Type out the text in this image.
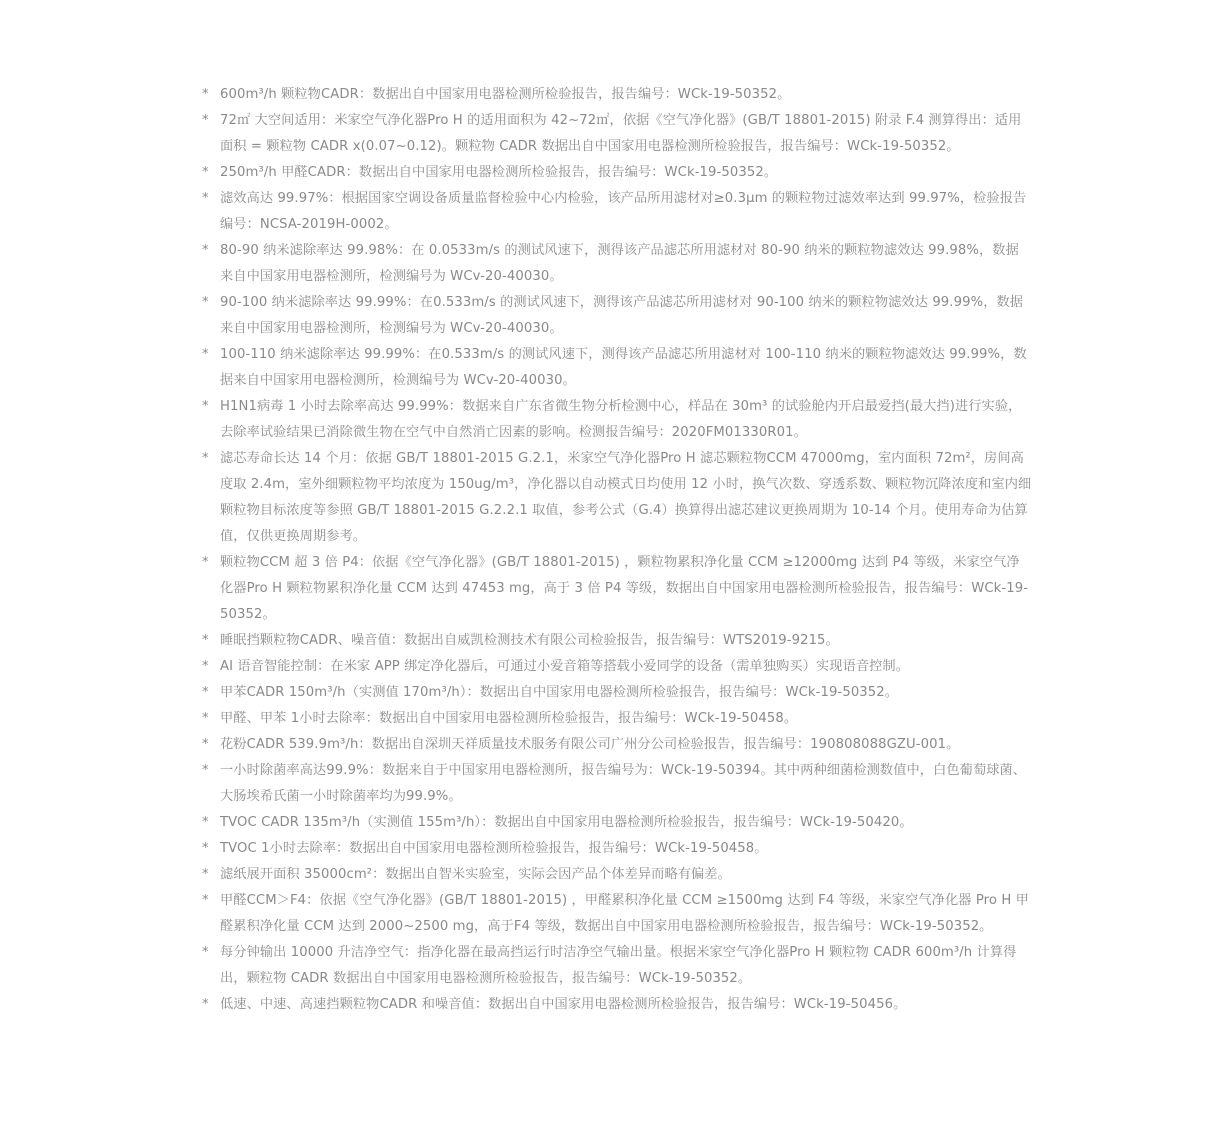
* 600m³/h 颗粒物CADR：数据出自中国家用电器检测所检验报告，报告编号：WCk-19-50352。
* 72㎡ 大空间适用：米家空气净化器Pro H 的适用面积为 42~72㎡，依据《空气净化器》(GB/T 18801-2015) 附录 F.4 测算得出：适用面积 = 颗粒物 CADR x(0.07~0.12)。颗粒物 CADR 数据出自中国家用电器检测所检验报告，报告编号：WCk-19-50352。
* 250m³/h 甲醛CADR：数据出自中国家用电器检测所检验报告，报告编号：WCk-19-50352。
* 滤效高达 99.97%：根据国家空调设备质量监督检验中心内检验，该产品所用滤材对≥0.3μm 的颗粒物过滤效率达到 99.97%，检验报告编号：NCSA-2019H-0002。
* 80-90 纳米滤除率达 99.98%：在 0.0533m/s 的测试风速下，测得该产品滤芯所用滤材对 80-90 纳米的颗粒物滤效达 99.98%，数据来自中国家用电器检测所，检测编号为 WCv-20-40030。
* 90-100 纳米滤除率达 99.99%：在0.533m/s 的测试风速下，测得该产品滤芯所用滤材对 90-100 纳米的颗粒物滤效达 99.99%，数据来自中国家用电器检测所，检测编号为 WCv-20-40030。
* 100-110 纳米滤除率达 99.99%：在0.533m/s 的测试风速下，测得该产品滤芯所用滤材对 100-110 纳米的颗粒物滤效达 99.99%，数据来自中国家用电器检测所，检测编号为 WCv-20-40030。
* H1N1病毒 1 小时去除率高达 99.99%：数据来自广东省微生物分析检测中心，样品在 30m³ 的试验舱内开启最爱挡(最大挡)进行实验，去除率试验结果已消除微生物在空气中自然消亡因素的影响。检测报告编号：2020FM01330R01。
* 滤芯寿命长达 14 个月：依据 GB/T 18801-2015 G.2.1，米家空气净化器Pro H 滤芯颗粒物CCM 47000mg，室内面积 72m²，房间高度取 2.4m，室外细颗粒物平均浓度为 150ug/m³，净化器以自动模式日均使用 12 小时，换气次数、穿透系数、颗粒物沉降浓度和室内细颗粒物目标浓度等参照 GB/T 18801-2015 G.2.2.1 取值，参考公式（G.4）换算得出滤芯建议更换周期为 10-14 个月。使用寿命为估算值，仅供更换周期参考。
* 颗粒物CCM 超 3 倍 P4：依据《空气净化器》(GB/T 18801-2015) ，颗粒物累积净化量 CCM ≥12000mg 达到 P4 等级，米家空气净化器Pro H 颗粒物累积净化量 CCM 达到 47453 mg，高于 3 倍 P4 等级，数据出自中国家用电器检测所检验报告，报告编号：WCk-19-50352。
* 睡眠挡颗粒物CADR、噪音值：数据出自威凯检测技术有限公司检验报告，报告编号：WTS2019-9215。
* AI 语音智能控制：在米家 APP 绑定净化器后，可通过小爱音箱等搭载小爱同学的设备（需单独购买）实现语音控制。
* 甲苯CADR 150m³/h（实测值 170m³/h）：数据出自中国家用电器检测所检验报告，报告编号：WCk-19-50352。
* 甲醛、甲苯 1小时去除率：数据出自中国家用电器检测所检验报告，报告编号：WCk-19-50458。
* 花粉CADR 539.9m³/h：数据出自深圳天祥质量技术服务有限公司广州分公司检验报告，报告编号：190808088GZU-001。
* 一小时除菌率高达99.9%：数据来自于中国家用电器检测所，报告编号为：WCk-19-50394。其中两种细菌检测数值中，白色葡萄球菌、大肠埃希氏菌一小时除菌率均为99.9%。
* TVOC CADR 135m³/h（实测值 155m³/h）：数据出自中国家用电器检测所检验报告，报告编号：WCk-19-50420。
* TVOC 1小时去除率：数据出自中国家用电器检测所检验报告，报告编号：WCk-19-50458。
* 滤纸展开面积 35000cm²：数据出自智米实验室，实际会因产品个体差异而略有偏差。
* 甲醛CCM＞F4：依据《空气净化器》(GB/T 18801-2015) ，甲醛累积净化量 CCM ≥1500mg 达到 F4 等级，米家空气净化器 Pro H 甲醛累积净化量 CCM 达到 2000~2500 mg，高于F4 等级，数据出自中国家用电器检测所检验报告，报告编号：WCk-19-50352。
* 每分钟输出 10000 升洁净空气：指净化器在最高挡运行时洁净空气输出量。根据米家空气净化器Pro H 颗粒物 CADR 600m³/h 计算得出，颗粒物 CADR 数据出自中国家用电器检测所检验报告，报告编号：WCk-19-50352。
* 低速、中速、高速挡颗粒物CADR 和噪音值：数据出自中国家用电器检测所检验报告，报告编号：WCk-19-50456。
